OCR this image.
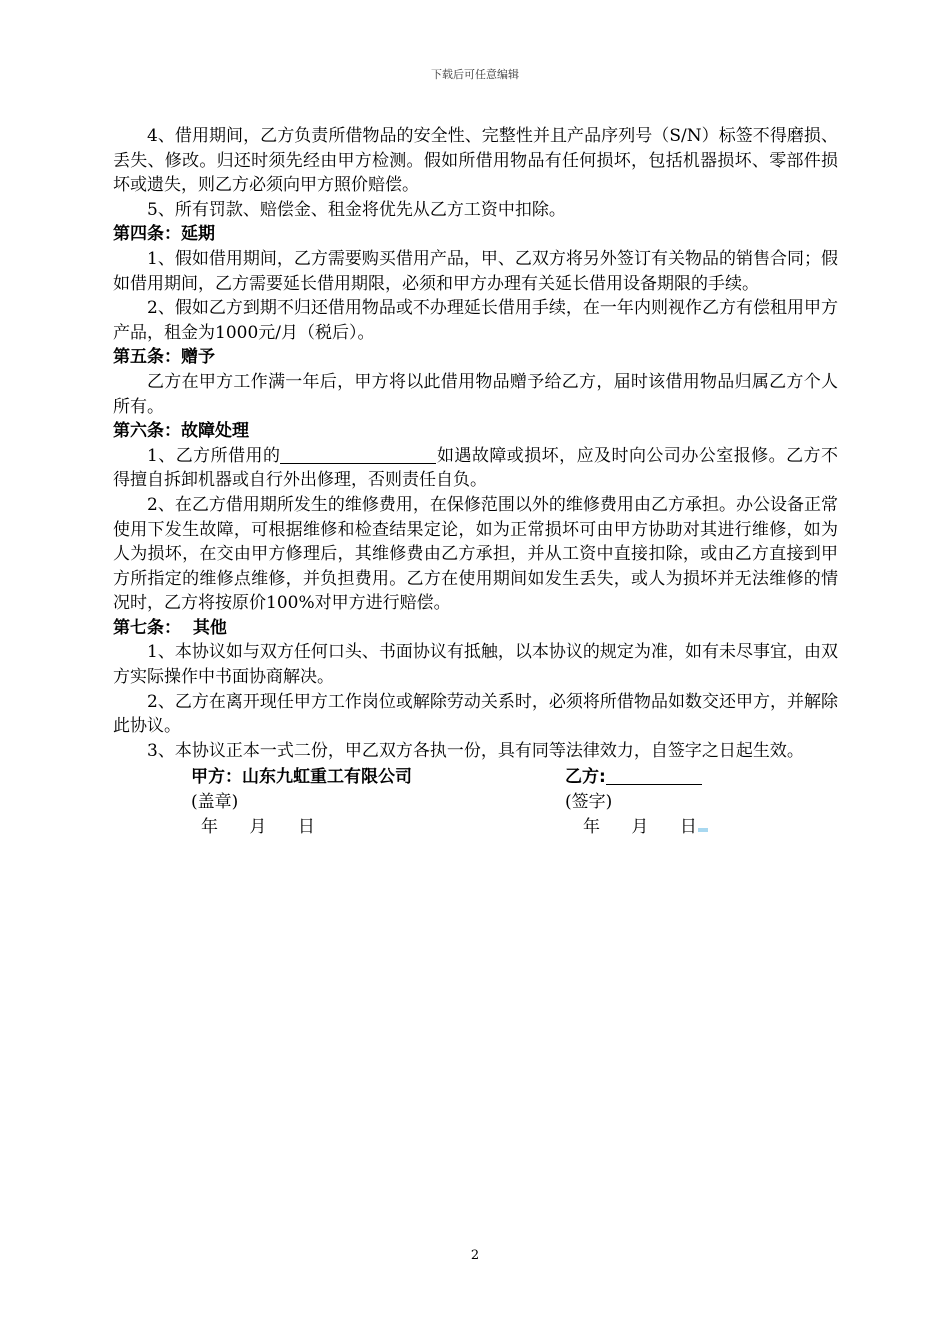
下载后可任意编辑

4、借用期间，乙方负责所借物品的安全性、完整性并且产品序列号（S/N）标签不得磨损、丢失、修改。归还时须先经由甲方检测。假如所借用物品有任何损坏，包括机器损坏、零部件损坏或遗失，则乙方必须向甲方照价赔偿。

5、所有罚款、赔偿金、租金将优先从乙方工资中扣除。

第四条：延期

1、假如借用期间，乙方需要购买借用产品，甲、乙双方将另外签订有关物品的销售合同；假如借用期间，乙方需要延长借用期限，必须和甲方办理有关延长借用设备期限的手续。

2、假如乙方到期不归还借用物品或不办理延长借用手续，在一年内则视作乙方有偿租用甲方产品，租金为1000元/月（税后）。

第五条：赠予

乙方在甲方工作满一年后，甲方将以此借用物品赠予给乙方，届时该借用物品归属乙方个人所有。

第六条：故障处理

1、乙方所借用的	如遇故障或损坏，应及时向公司办公室报修。乙方不得擅自拆卸机器或自行外出修理，否则责任自负。

2、在乙方借用期所发生的维修费用，在保修范围以外的维修费用由乙方承担。办公设备正常使用下发生故障，可根据维修和检查结果定论，如为正常损坏可由甲方协助对其进行维修，如为人为损坏，在交由甲方修理后，其维修费由乙方承担，并从工资中直接扣除，或由乙方直接到甲方所指定的维修点维修，并负担费用。乙方在使用期间如发生丢失，或人为损坏并无法维修的情况时，乙方将按原价100%对甲方进行赔偿。

第七条：  其他

1、本协议如与双方任何口头、书面协议有抵触，以本协议的规定为准，如有未尽事宜，由双方实际操作中书面协商解决。

2、乙方在离开现任甲方工作岗位或解除劳动关系时，必须将所借物品如数交还甲方，并解除此协议。

3、本协议正本一式二份，甲乙双方各执一份，具有同等法律效力，自签字之日起生效。

甲方：山东九虹重工有限公司
(盖章)
年 月 日
乙方:
(签字)
年 月 日
2
